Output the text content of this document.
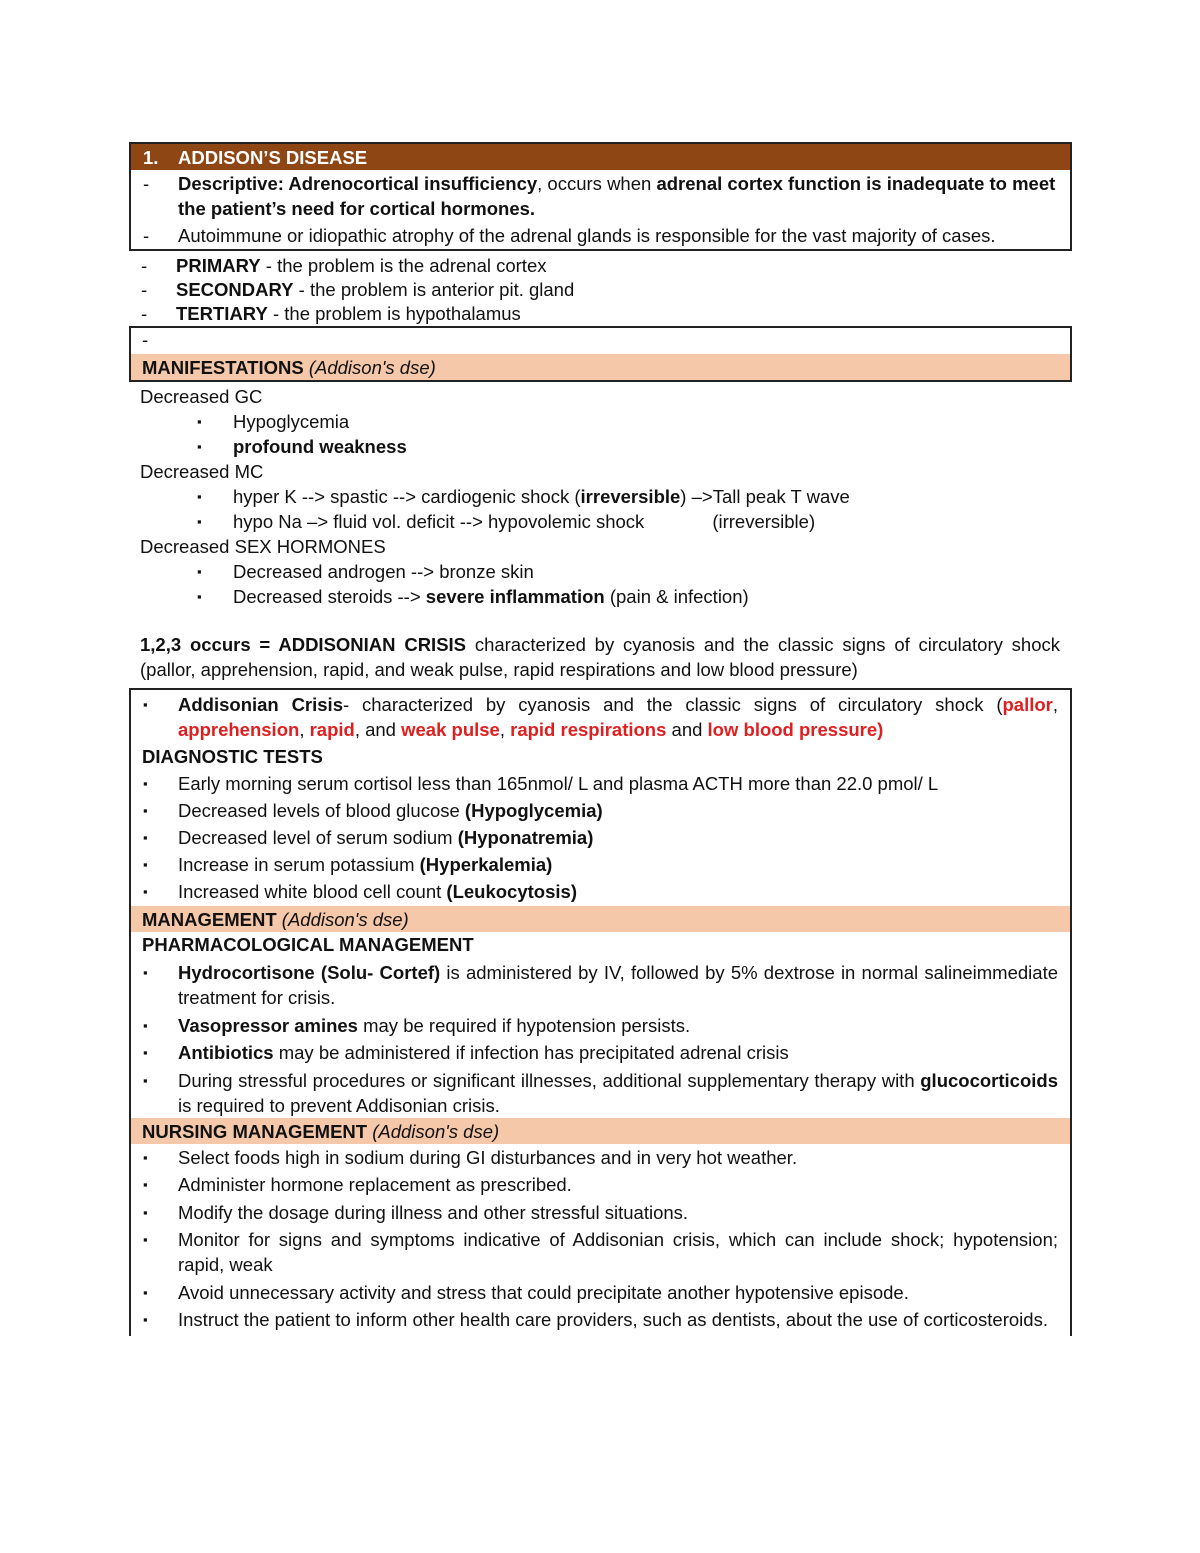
1. ADDISON’S DISEASE
- Descriptive: Adrenocortical insufficiency, occurs when adrenal cortex function is inadequate to meet the patient’s need for cortical hormones.
- Autoimmune or idiopathic atrophy of the adrenal glands is responsible for the vast majority of cases.
- PRIMARY - the problem is the adrenal cortex
- SECONDARY - the problem is anterior pit. gland
- TERTIARY - the problem is hypothalamus
-
MANIFESTATIONS (Addison's dse)
Decreased GC
▪ Hypoglycemia
▪ profound weakness
Decreased MC
▪ hyper K --> spastic --> cardiogenic shock (irreversible) –>Tall peak T wave
▪ hypo Na –> fluid vol. deficit --> hypovolemic shock	(irreversible)
Decreased SEX HORMONES
▪ Decreased androgen --> bronze skin
▪ Decreased steroids --> severe inflammation (pain & infection)
1,2,3 occurs = ADDISONIAN CRISIS characterized by cyanosis and the classic signs of circulatory shock (pallor, apprehension, rapid, and weak pulse, rapid respirations and low blood pressure)
▪ Addisonian Crisis- characterized by cyanosis and the classic signs of circulatory shock (pallor, apprehension, rapid, and weak pulse, rapid respirations and low blood pressure)
DIAGNOSTIC TESTS
▪ Early morning serum cortisol less than 165nmol/ L and plasma ACTH more than 22.0 pmol/ L
▪ Decreased levels of blood glucose (Hypoglycemia)
▪ Decreased level of serum sodium (Hyponatremia)
▪ Increase in serum potassium (Hyperkalemia)
▪ Increased white blood cell count (Leukocytosis)
MANAGEMENT (Addison's dse)
PHARMACOLOGICAL MANAGEMENT
▪ Hydrocortisone (Solu- Cortef) is administered by IV, followed by 5% dextrose in normal salineimmediate treatment for crisis.
▪ Vasopressor amines may be required if hypotension persists.
▪ Antibiotics may be administered if infection has precipitated adrenal crisis
▪ During stressful procedures or significant illnesses, additional supplementary therapy with glucocorticoids is required to prevent Addisonian crisis.
NURSING MANAGEMENT (Addison's dse)
▪ Select foods high in sodium during GI disturbances and in very hot weather.
▪ Administer hormone replacement as prescribed.
▪ Modify the dosage during illness and other stressful situations.
▪ Monitor for signs and symptoms indicative of Addisonian crisis, which can include shock; hypotension; rapid, weak
▪ Avoid unnecessary activity and stress that could precipitate another hypotensive episode.
▪ Instruct the patient to inform other health care providers, such as dentists, about the use of corticosteroids.
